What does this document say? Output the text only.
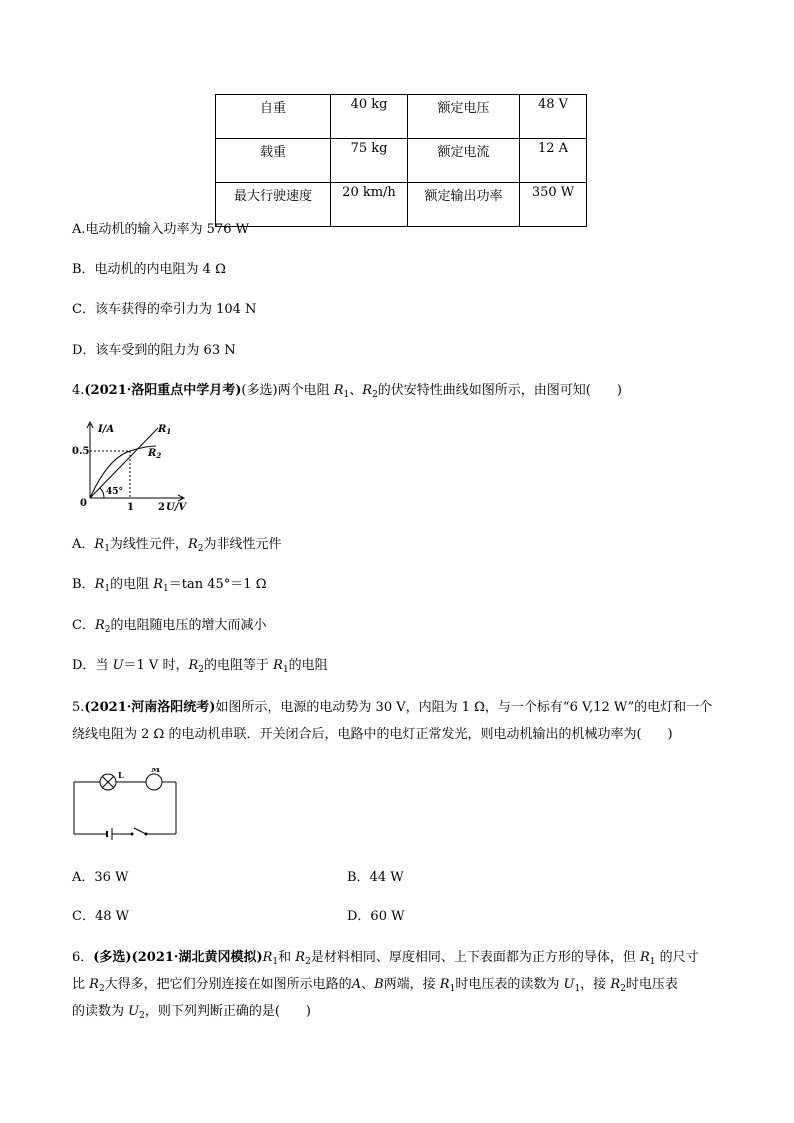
自重	40 kg	额定电压	48 V
载重	75 kg	额定电流	12 A
最大行驶速度	20 km/h	额定输出功率	350 W
A.电动机的输入功率为 576 W
B．电动机的内电阻为 4 Ω
C．该车获得的牵引力为 104 N
D．该车受到的阻力为 63 N
4.(2021·洛阳重点中学月考)(多选)两个电阻 $R_1$、$R_2$的伏安特性曲线如图所示，由图可知(　　)
I/A
U/V
0.5
1 2
0
45°
$R_1$
$R_2$
A．$R_1$为线性元件，$R_2$为非线性元件
B．$R_1$的电阻 $R_1=\tan$ 45°＝1 Ω
C．$R_2$的电阻随电压的增大而减小
D．当 U＝1 V 时，$R_2$的电阻等于 $R_1$的电阻
5.(2021·河南洛阳统考)如图所示，电源的电动势为 30 V，内阻为 1 Ω，与一个标有“6 V,12 W”的电灯和一个
绕线电阻为 2 Ω 的电动机串联．开关闭合后，电路中的电灯正常发光，则电动机输出的机械功率为(　　)
L
M
A．36 W	B．44 W
C．48 W	D．60 W
6．(多选)(2021·湖北黄冈模拟)$R_1$和 $R_2$是材料相同、厚度相同、上下表面都为正方形的导体，但 $R_1$ 的尺寸
比 $R_2$大得多，把它们分别连接在如图所示电路的A、B两端，接 $R_1$时电压表的读数为 $U_1$，接 $R_2$时电压表
的读数为 $U_2$，则下列判断正确的是(　　)
